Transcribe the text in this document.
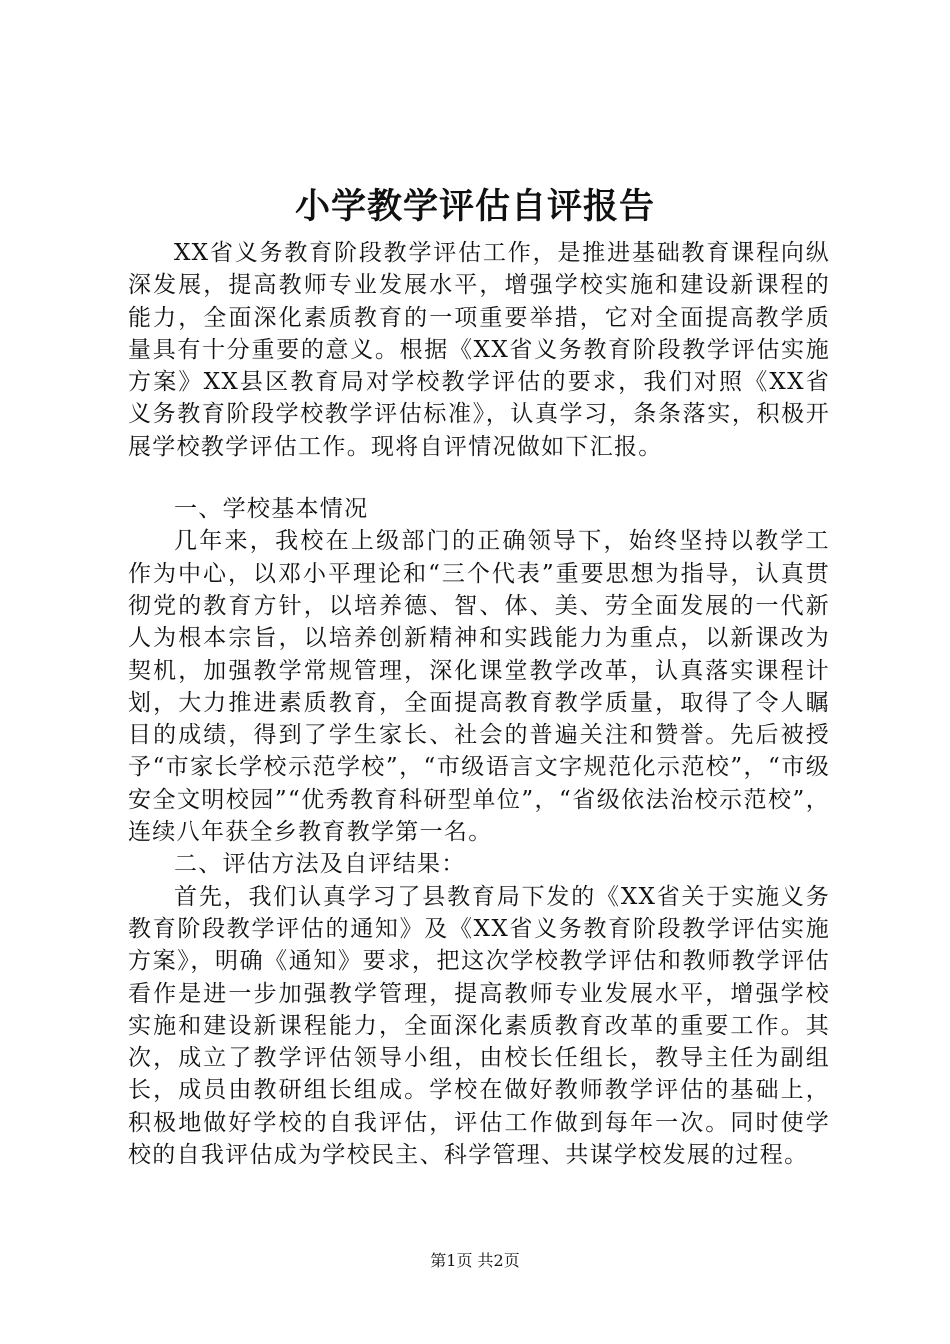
小学教学评估自评报告

XX省义务教育阶段教学评估工作，是推进基础教育课程向纵深发展，提高教师专业发展水平，增强学校实施和建设新课程的能力，全面深化素质教育的一项重要举措，它对全面提高教学质量具有十分重要的意义。根据《XX省义务教育阶段教学评估实施方案》XX县区教育局对学校教学评估的要求，我们对照《XX省义务教育阶段学校教学评估标准》，认真学习，条条落实，积极开展学校教学评估工作。现将自评情况做如下汇报。

一、学校基本情况

几年来，我校在上级部门的正确领导下，始终坚持以教学工作为中心，以邓小平理论和“三个代表”重要思想为指导，认真贯彻党的教育方针，以培养德、智、体、美、劳全面发展的一代新人为根本宗旨，以培养创新精神和实践能力为重点，以新课改为契机，加强教学常规管理，深化课堂教学改革，认真落实课程计划，大力推进素质教育，全面提高教育教学质量，取得了令人瞩目的成绩，得到了学生家长、社会的普遍关注和赞誉。先后被授予“市家长学校示范学校”，“市级语言文字规范化示范校”，“市级安全文明校园”“优秀教育科研型单位”，“省级依法治校示范校”，连续八年获全乡教育教学第一名。

二、评估方法及自评结果：

首先，我们认真学习了县教育局下发的《XX省关于实施义务教育阶段教学评估的通知》及《XX省义务教育阶段教学评估实施方案》，明确《通知》要求，把这次学校教学评估和教师教学评估看作是进一步加强教学管理，提高教师专业发展水平，增强学校实施和建设新课程能力，全面深化素质教育改革的重要工作。其次，成立了教学评估领导小组，由校长任组长，教导主任为副组长，成员由教研组长组成。学校在做好教师教学评估的基础上，积极地做好学校的自我评估，评估工作做到每年一次。同时使学校的自我评估成为学校民主、科学管理、共谋学校发展的过程。

第1页 共2页
